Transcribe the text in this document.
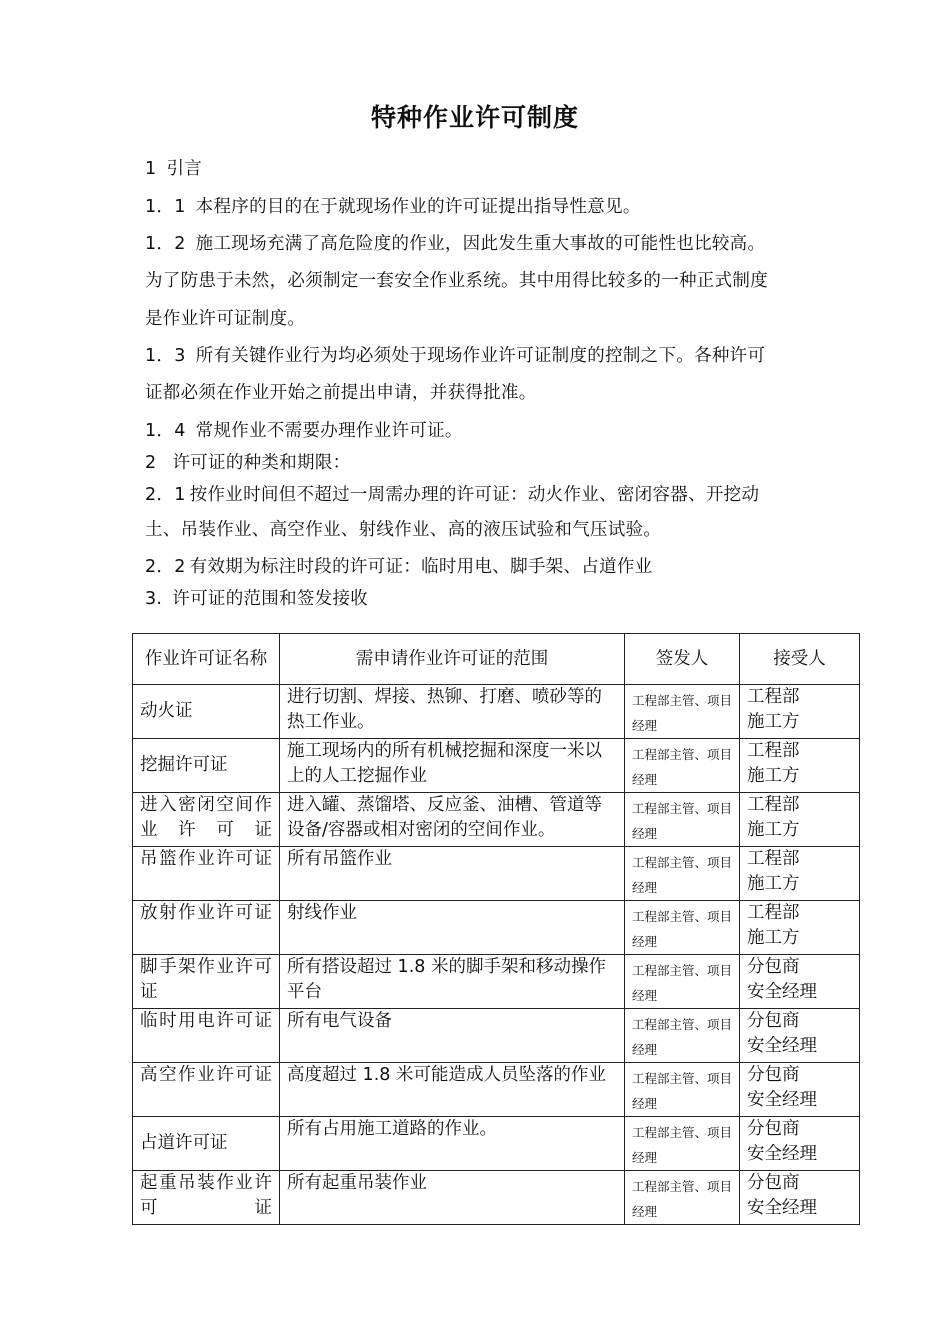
特种作业许可制度
1 引言
1．1 本程序的目的在于就现场作业的许可证提出指导性意见。
1．2 施工现场充满了高危险度的作业，因此发生重大事故的可能性也比较高。
为了防患于未然，必须制定一套安全作业系统。其中用得比较多的一种正式制度
是作业许可证制度。
1．3 所有关键作业行为均必须处于现场作业许可证制度的控制之下。各种许可
证都必须在作业开始之前提出申请，并获得批准。
1．4 常规作业不需要办理作业许可证。
2 许可证的种类和期限：
2．1 按作业时间但不超过一周需办理的许可证：动火作业、密闭容器、开挖动
土、吊装作业、高空作业、射线作业、高的液压试验和气压试验。
2．2 有效期为标注时段的许可证：临时用电、脚手架、占道作业
3. 许可证的范围和签发接收
作业许可证名称	需申请作业许可证的范围	签发人	接受人
动火证	进行切割、焊接、热铆、打磨、喷砂等的热工作业。	工程部主管、项目经理	工程部
施工方

挖掘许可证	施工现场内的所有机械挖掘和深度一米以上的人工挖掘作业	工程部主管、项目经理	工程部
施工方

进入密闭空间作业许可证	进入罐、蒸馏塔、反应釜、油槽、管道等设备/容器或相对密闭的空间作业。	工程部主管、项目经理	工程部
施工方

吊篮作业许可证	所有吊篮作业	工程部主管、项目经理	工程部
施工方

放射作业许可证	射线作业	工程部主管、项目经理	工程部
施工方

脚手架作业许可证	所有搭设超过 1.8 米的脚手架和移动操作平台	工程部主管、项目经理	分包商
安全经理

临时用电许可证	所有电气设备	工程部主管、项目经理	分包商
安全经理

高空作业许可证	高度超过 1.8 米可能造成人员坠落的作业	工程部主管、项目经理	分包商
安全经理

占道许可证	所有占用施工道路的作业。	工程部主管、项目经理	分包商
安全经理

起重吊装作业许可证	所有起重吊装作业	工程部主管、项目经理	分包商
安全经理
